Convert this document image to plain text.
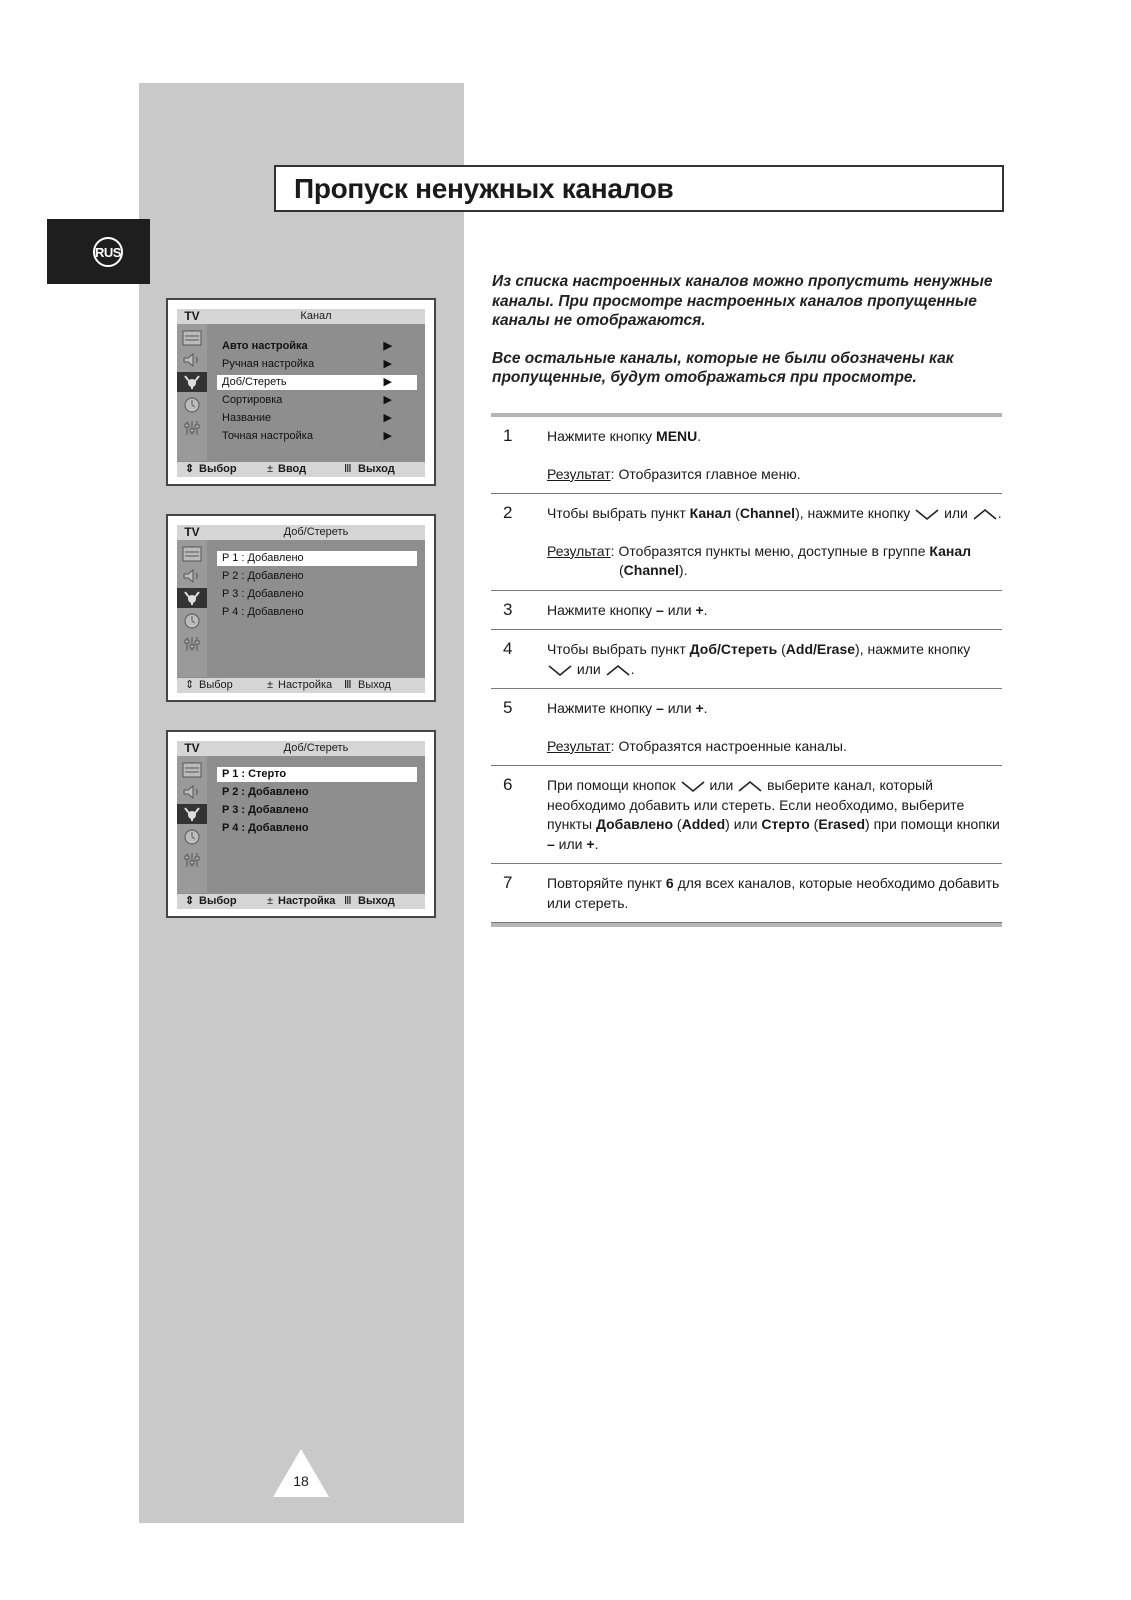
RUS
Пропуск ненужных каналов

Из списка настроенных каналов можно пропустить ненужные каналы. При просмотре настроенных каналов пропущенные каналы не отображаются.

Все остальные каналы, которые не были обозначены как пропущенные, будут отображаться при просмотре.

TV	Канал
Авто настройка	▶
Ручная настройка	▶
Доб/Стереть	▶
Сортировка	▶
Название	▶
Точная настройка	▶
⇕ Выбор	± Ввод	Ⅲ Выход
TV	Доб/Стереть
P 1 : Добавлено
P 2 : Добавлено
P 3 : Добавлено
P 4 : Добавлено
⇕ Выбор	± Настройка Ⅲ Выход
TV	Доб/Стереть
P 1 : Стерто
P 2 : Добавлено
P 3 : Добавлено
P 4 : Добавлено
⇕ Выбор	± Настройка Ⅲ Выход
1 Нажмите кнопку MENU.
Результат: Отобразится главное меню.
2 Чтобы выбрать пункт Канал (Channel), нажмите кнопку или .
Результат: Отобразятся пункты меню, доступные в группе Канал
(Channel).
3 Нажмите кнопку – или +.
4 Чтобы выбрать пункт Доб/Стереть (Add/Erase), нажмите кнопку
или .
5 Нажмите кнопку – или +.
Результат: Отобразятся настроенные каналы.
6 При помощи кнопок или выберите канал, который необходимо добавить или стереть. Если необходимо, выберите пункты Добавлено (Added) или Стерто (Erased) при помощи кнопки – или +.
7 Повторяйте пункт 6 для всех каналов, которые необходимо добавить или стереть.
18
